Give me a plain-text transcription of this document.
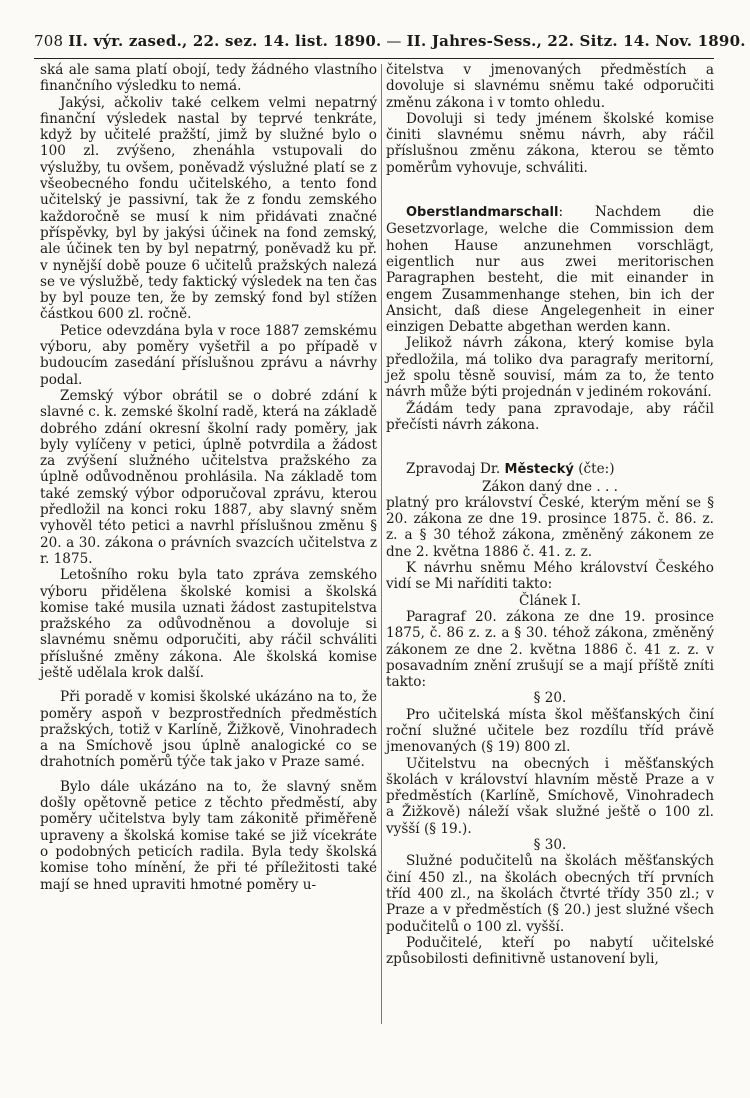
708 II. výr. zased., 22. sez. 14. list. 1890. — II. Jahres-Sess., 22. Sitz. 14. Nov. 1890.

ská ale sama platí obojí, tedy žádného vlastního finančního výsledku to nemá.

Jakýsi, ačkoliv také celkem velmi nepatrný finanční výsledek nastal by teprvé tenkráte, když by učitelé pražští, jimž by služné bylo o 100 zl. zvýšeno, zhenáhla vstupovali do výslužby, tu ovšem, poněvadž výslužné platí se z všeobecného fondu učitelského, a tento fond učitelský je passivní, tak že z fondu zemského každoročně se musí k nim přidávati značné příspěvky, byl by jakýsi účinek na fond zemský, ale účinek ten by byl nepatrný, poněvadž ku př. v nynější době pouze 6 učitelů pražských nalezá se ve výslužbě, tedy faktický výsledek na ten čas by byl pouze ten, že by zemský fond byl stížen částkou 600 zl. ročně.

Petice odevzdána byla v roce 1887 zemskému výboru, aby poměry vyšetřil a po případě v budoucím zasedání příslušnou zprávu a návrhy podal.

Zemský výbor obrátil se o dobré zdání k slavné c. k. zemské školní radě, která na základě dobrého zdání okresní školní rady poměry, jak byly vylíčeny v petici, úplně potvrdila a žádost za zvýšení služného učitelstva pražského za úplně odůvodněnou prohlásila. Na základě tom také zemský výbor odporučoval zprávu, kterou předložil na konci roku 1887, aby slavný sněm vyhověl této petici a navrhl příslušnou změnu § 20. a 30. zákona o právních svazcích učitelstva z r. 1875.

Letošního roku byla tato zpráva zemského výboru přidělena školské komisi a školská komise také musila uznati žádost zastupitelstva pražského za odůvodněnou a dovoluje si slavnému sněmu odporučiti, aby ráčil schváliti příslušné změny zákona. Ale školská komise ještě udělala krok další.

Při poradě v komisi školské ukázáno na to, že poměry aspoň v bezprostředních předměstích pražských, totiž v Karlíně, Žižkově, Vinohradech a na Smíchově jsou úplně analogické co se drahotních poměrů týče tak jako v Praze samé.

Bylo dále ukázáno na to, že slavný sněm došly opětovně petice z těchto předměstí, aby poměry učitelstva byly tam zákonitě přiměřeně upraveny a školská komise také se již vícekráte o podobných peticích radila. Byla tedy školská komise toho mínění, že při té příležitosti také mají se hned upraviti hmotné poměry u-

čitelstva v jmenovaných předměstích a dovoluje si slavnému sněmu také odporučiti změnu zákona i v tomto ohledu.

Dovoluji si tedy jménem školské komise činiti slavnému sněmu návrh, aby ráčil příslušnou změnu zákona, kterou se těmto poměrům vyhovuje, schváliti.

Oberstlandmarschall: Nachdem die Gesetzvorlage, welche die Commission dem hohen Hause anzunehmen vorschlägt, eigentlich nur aus zwei meritorischen Paragraphen besteht, die mit einander in engem Zusammenhange stehen, bin ich der Ansicht, daß diese Angelegenheit in einer einzigen Debatte abgethan werden kann.

Jelikož návrh zákona, který komise byla předložila, má toliko dva paragrafy meritorní, jež spolu těsně souvisí, mám za to, že tento návrh může býti projednán v jediném rokování.

Žádám tedy pana zpravodaje, aby ráčil přečísti návrh zákona.

Zpravodaj Dr. Městecký (čte:)

Zákon daný dne . . .

platný pro království České, kterým mění se § 20. zákona ze dne 19. prosince 1875. č. 86. z. z. a § 30 téhož zákona, změněný zákonem ze dne 2. května 1886 č. 41. z. z.

K návrhu sněmu Mého království Českého vidí se Mi naříditi takto:

Článek I.

Paragraf 20. zákona ze dne 19. prosince 1875, č. 86 z. z. a § 30. téhož zákona, změněný zákonem ze dne 2. května 1886 č. 41 z. z. v posavadním znění zrušují se a mají příště zníti takto:

§ 20.

Pro učitelská místa škol měšťanských činí roční služné učitele bez rozdílu tříd právě jmenovaných (§ 19) 800 zl.

Učitelstvu na obecných i měšťanských školách v království hlavním městě Praze a v předměstích (Karlíně, Smíchově, Vinohradech a Žižkově) náleží však služné ještě o 100 zl. vyšší (§ 19.).

§ 30.

Služné podučitelů na školách měšťanských činí 450 zl., na školách obecných tří prvních tříd 400 zl., na školách čtvrté třídy 350 zl.; v Praze a v předměstích (§ 20.) jest služné všech podučitelů o 100 zl. vyšší.

Podučitelé, kteří po nabytí učitelské způsobilosti definitivně ustanovení byli,
